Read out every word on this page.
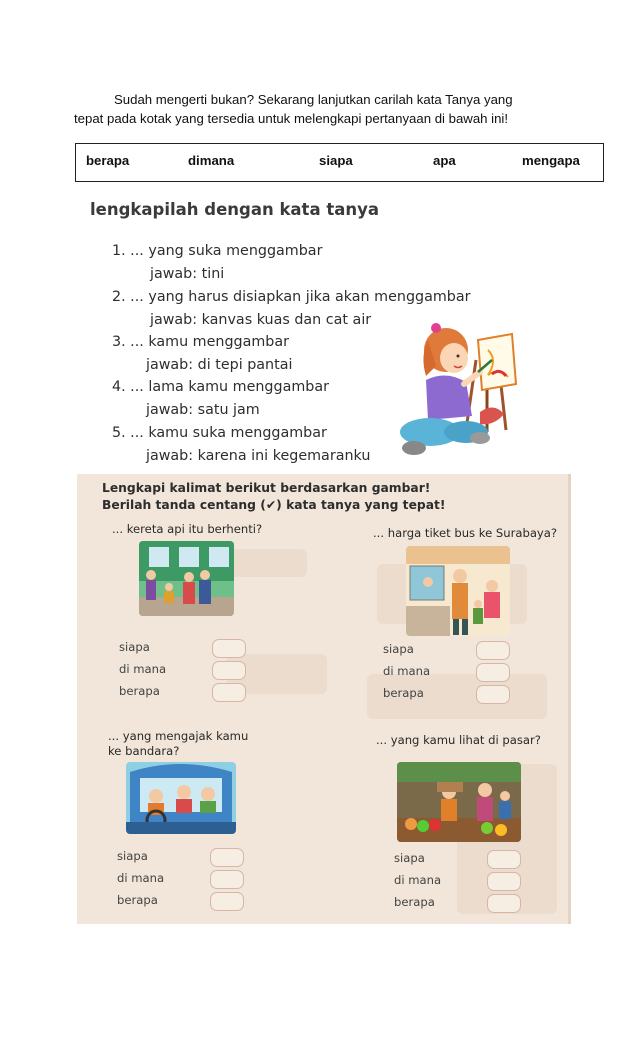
Sudah mengerti bukan? Sekarang lanjutkan carilah kata Tanya yang
tepat pada kotak yang tersedia untuk melengkapi pertanyaan di bawah ini!
berapa	dimana	siapa	apa	mengapa
lengkapilah dengan kata tanya
1. ... yang suka menggambar
jawab: tini
2. ... yang harus disiapkan jika akan menggambar
jawab: kanvas kuas dan cat air
3. ... kamu menggambar
jawab: di tepi pantai
4. ... lama kamu menggambar
jawab: satu jam
5. ... kamu suka menggambar
jawab: karena ini kegemaranku
Lengkapi kalimat berikut berdasarkan gambar!
Berilah tanda centang (✔) kata tanya yang tepat!
... kereta api itu berhenti?
siapa
di mana
berapa
... harga tiket bus ke Surabaya?
siapa
di mana
berapa
... yang mengajak kamu
ke bandara?
siapa
di mana
berapa
... yang kamu lihat di pasar?
siapa
di mana
berapa
